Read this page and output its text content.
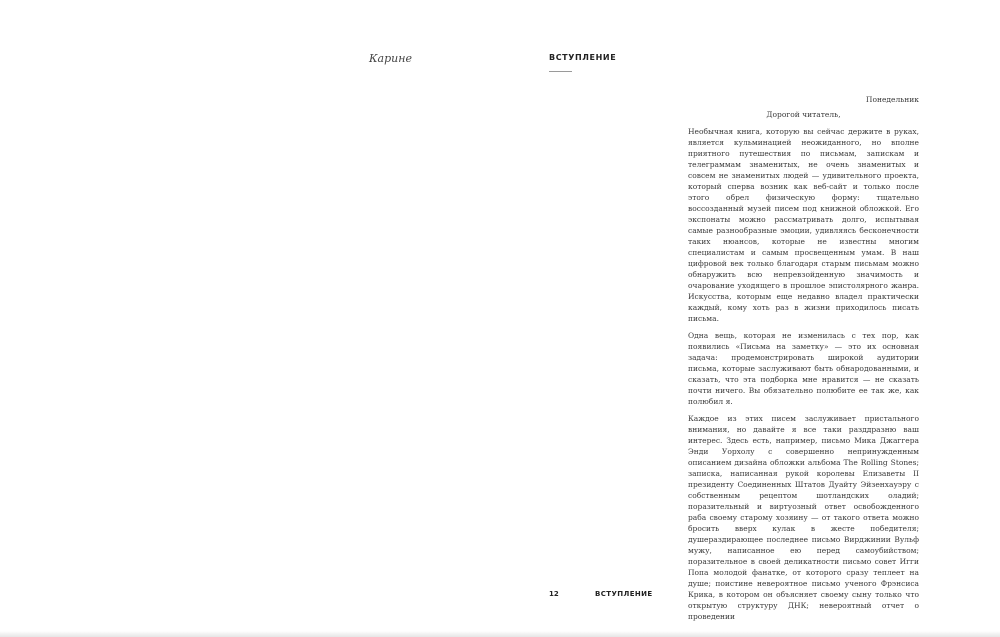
Карине	ВСТУПЛЕНИЕ

Понедельник

Дорогой читатель,

Необычная книга, которую вы сейчас держите в руках, является кульминацией неожиданного, но вполне приятного путешествия по письмам, запискам и телеграммам знаменитых, не очень знаменитых и совсем не знаменитых людей — удивительного проекта, который сперва возник как веб-сайт и только после этого обрел физическую форму: тщательно воссозданный музей писем под книжной обложкой. Его экспонаты можно рассматривать долго, испытывая самые разнообразные эмоции, удивляясь бесконечности таких нюансов, которые не известны многим специалистам и самым просвещенным умам. В наш цифровой век только благодаря старым письмам можно обнаружить всю непревзойденную значимость и очарование уходящего в прошлое эпистолярного жанра. Искусства, которым еще недавно владел практически каждый, кому хоть раз в жизни приходилось писать письма.

Одна вещь, которая не изменилась с тех пор, как появились «Письма на заметку» — это их основная задача: продемонстрировать широкой аудитории письма, которые заслуживают быть обнародованными, и сказать, что эта подборка мне нравится — не сказать почти ничего. Вы обязательно полюбите ее так же, как полюбил я.

Каждое из этих писем заслуживает пристального внимания, но давайте я все таки разддразню ваш интерес. Здесь есть, например, письмо Мика Джаггера Энди Уорхолу с совершенно непринужденным описанием дизайна обложки альбома The Rolling Stones; записка, написанная рукой королевы Елизаветы II президенту Соединенных Штатов Дуайту Эйзенхауэру с собственным рецептом шотландских оладий; поразительный и виртуозный ответ освобожденного раба своему старому хозяину — от такого ответа можно бросить вверх кулак в жесте победителя; душераздирающее последнее письмо Вирджинии Вульф мужу, написанное ею перед самоубийством; поразительное в своей деликатности письмо совет Игги Попа молодой фанатке, от которого сразу теплеет на душе; поистине невероятное письмо ученого Фрэнсиса Крика, в котором он объясняет своему сыну только что открытую структуру ДНК; невероятный отчет о проведении

12	ВСТУПЛЕНИЕ
